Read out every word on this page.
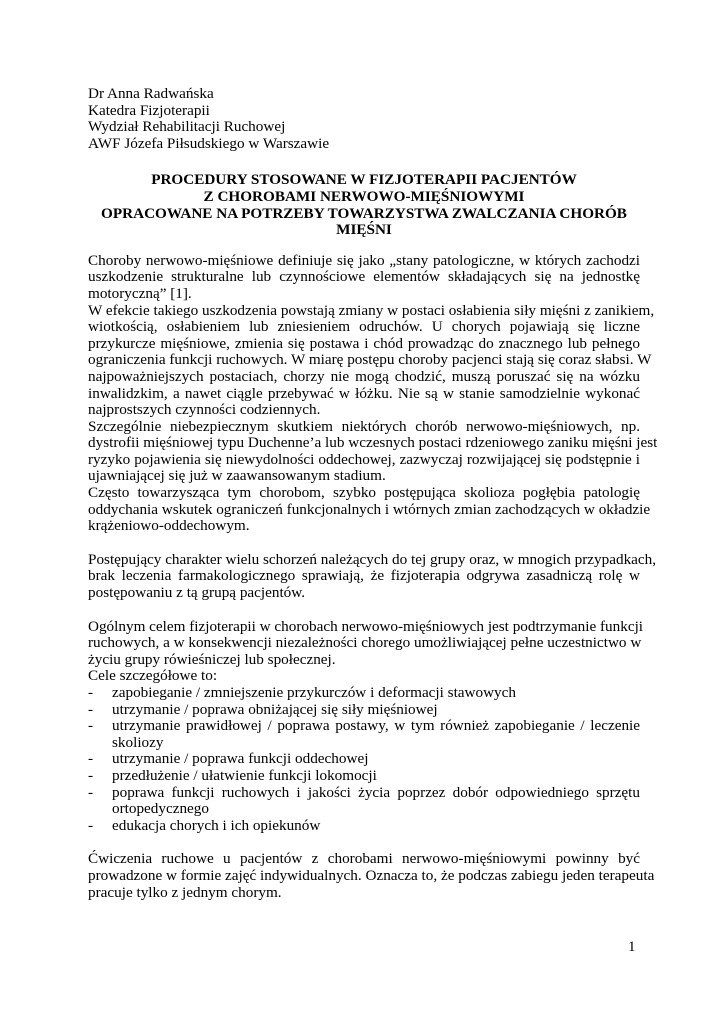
Dr Anna Radwańska
Katedra Fizjoterapii
Wydział Rehabilitacji Ruchowej
AWF Józefa Piłsudskiego w Warszawie
PROCEDURY STOSOWANE W FIZJOTERAPII PACJENTÓW
Z CHOROBAMI NERWOWO-MIĘŚNIOWYMI
OPRACOWANE NA POTRZEBY TOWARZYSTWA ZWALCZANIA CHORÓB
MIĘŚNI
Choroby nerwowo-mięśniowe definiuje się jako „stany patologiczne, w których zachodzi
uszkodzenie strukturalne lub czynnościowe elementów składających się na jednostkę
motoryczną” [1].
W efekcie takiego uszkodzenia powstają zmiany w postaci osłabienia siły mięśni z zanikiem,
wiotkością, osłabieniem lub zniesieniem odruchów. U chorych pojawiają się liczne
przykurcze mięśniowe, zmienia się postawa i chód prowadząc do znacznego lub pełnego
ograniczenia funkcji ruchowych. W miarę postępu choroby pacjenci stają się coraz słabsi. W
najpoważniejszych postaciach, chorzy nie mogą chodzić, muszą poruszać się na wózku
inwalidzkim, a nawet ciągle przebywać w łóżku. Nie są w stanie samodzielnie wykonać
najprostszych czynności codziennych.
Szczególnie niebezpiecznym skutkiem niektórych chorób nerwowo-mięśniowych, np.
dystrofii mięśniowej typu Duchenne’a lub wczesnych postaci rdzeniowego zaniku mięśni jest
ryzyko pojawienia się niewydolności oddechowej, zazwyczaj rozwijającej się podstępnie i
ujawniającej się już w zaawansowanym stadium.
Często towarzysząca tym chorobom, szybko postępująca skolioza pogłębia patologię
oddychania wskutek ograniczeń funkcjonalnych i wtórnych zmian zachodzących w okładzie
krążeniowo-oddechowym.
Postępujący charakter wielu schorzeń należących do tej grupy oraz, w mnogich przypadkach,
brak leczenia farmakologicznego sprawiają, że fizjoterapia odgrywa zasadniczą rolę w
postępowaniu z tą grupą pacjentów.
Ogólnym celem fizjoterapii w chorobach nerwowo-mięśniowych jest podtrzymanie funkcji
ruchowych, a w konsekwencji niezależności chorego umożliwiającej pełne uczestnictwo w
życiu grupy rówieśniczej lub społecznej.
Cele szczegółowe to:
- zapobieganie / zmniejszenie przykurczów i deformacji stawowych
- utrzymanie / poprawa obniżającej się siły mięśniowej
- utrzymanie prawidłowej / poprawa postawy, w tym również zapobieganie / leczenie
skoliozy
- utrzymanie / poprawa funkcji oddechowej
- przedłużenie / ułatwienie funkcji lokomocji
- poprawa funkcji ruchowych i jakości życia poprzez dobór odpowiedniego sprzętu
ortopedycznego
- edukacja chorych i ich opiekunów
Ćwiczenia ruchowe u pacjentów z chorobami nerwowo-mięśniowymi powinny być
prowadzone w formie zajęć indywidualnych. Oznacza to, że podczas zabiegu jeden terapeuta
pracuje tylko z jednym chorym.
1
